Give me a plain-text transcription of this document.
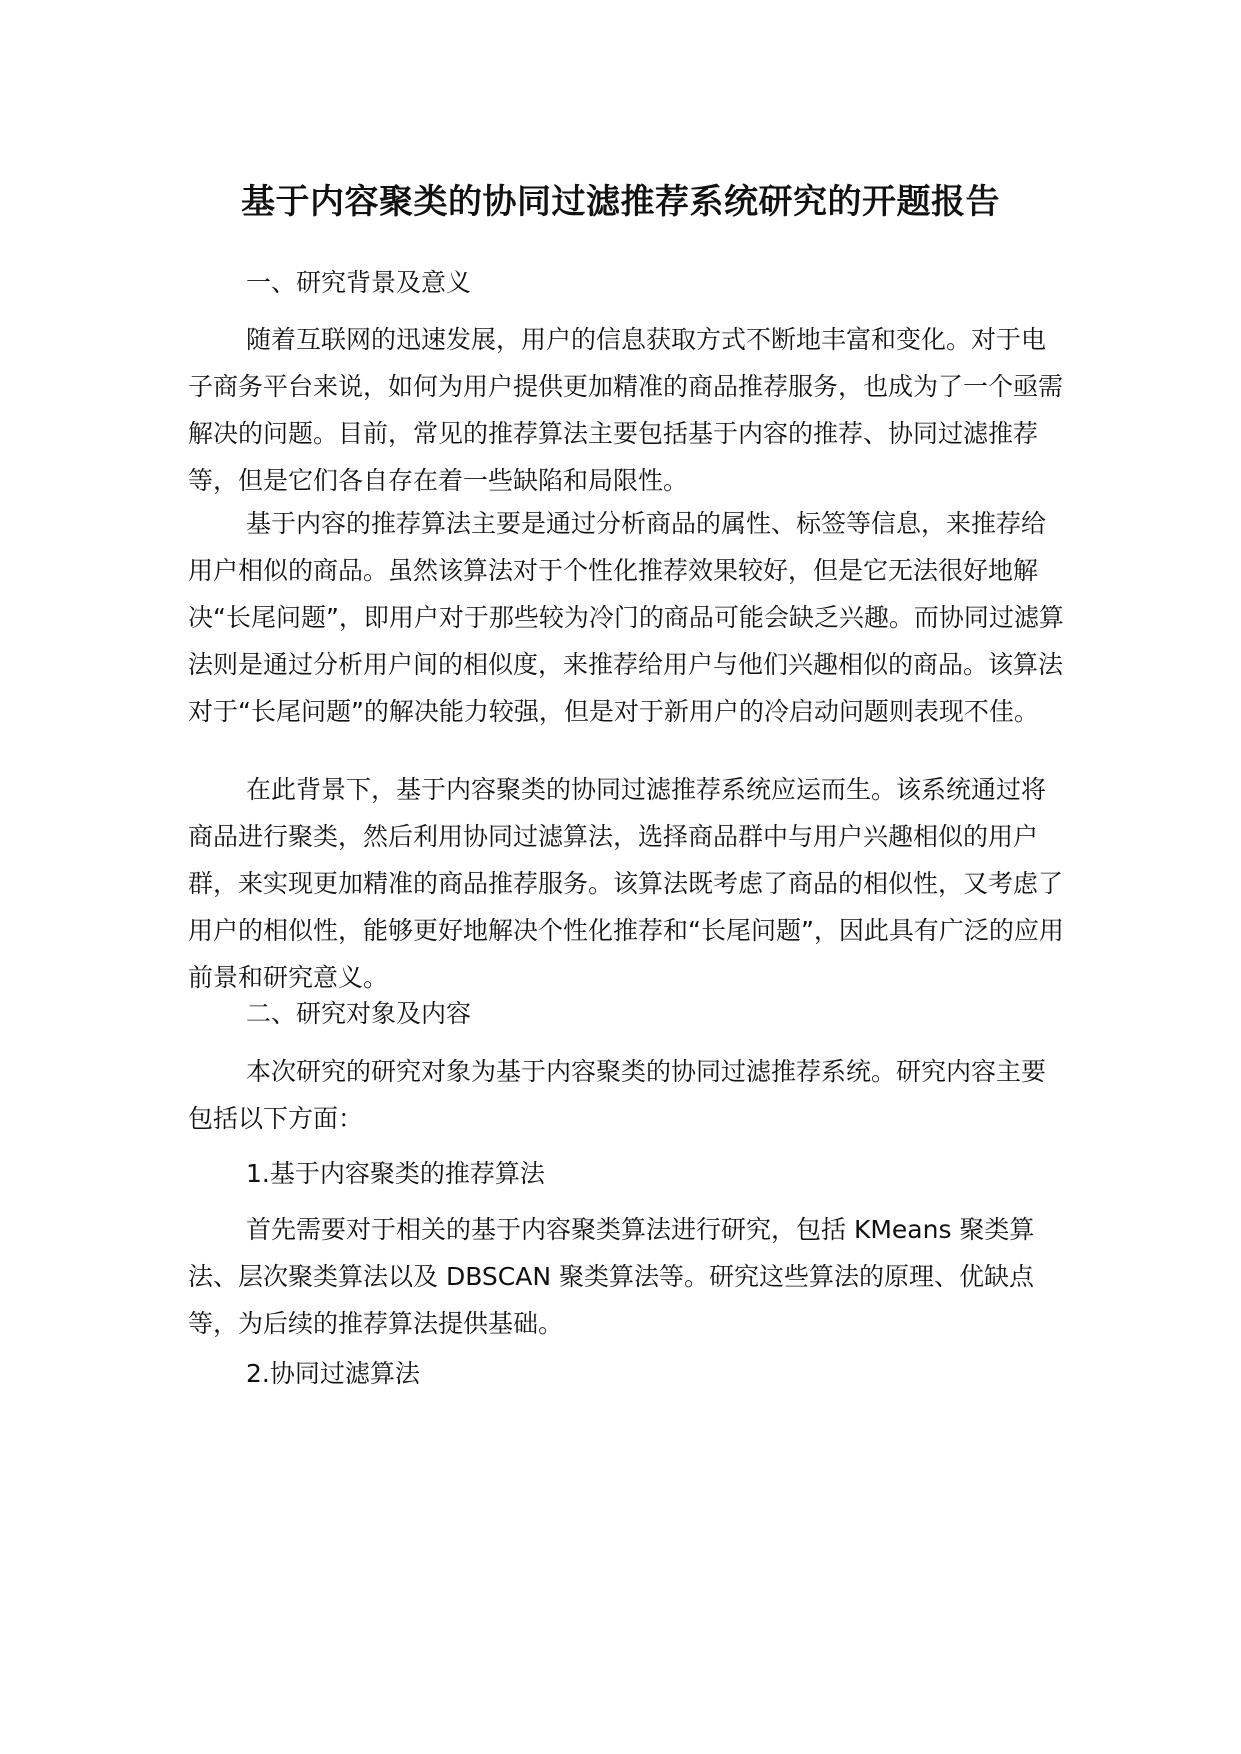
基于内容聚类的协同过滤推荐系统研究的开题报告

一、研究背景及意义

随着互联网的迅速发展，用户的信息获取方式不断地丰富和变化。对于电子商务平台来说，如何为用户提供更加精准的商品推荐服务，也成为了一个亟需解决的问题。目前，常见的推荐算法主要包括基于内容的推荐、协同过滤推荐等，但是它们各自存在着一些缺陷和局限性。

基于内容的推荐算法主要是通过分析商品的属性、标签等信息，来推荐给用户相似的商品。虽然该算法对于个性化推荐效果较好，但是它无法很好地解决“长尾问题”，即用户对于那些较为冷门的商品可能会缺乏兴趣。而协同过滤算法则是通过分析用户间的相似度，来推荐给用户与他们兴趣相似的商品。该算法对于“长尾问题”的解决能力较强，但是对于新用户的冷启动问题则表现不佳。

在此背景下，基于内容聚类的协同过滤推荐系统应运而生。该系统通过将商品进行聚类，然后利用协同过滤算法，选择商品群中与用户兴趣相似的用户群，来实现更加精准的商品推荐服务。该算法既考虑了商品的相似性，又考虑了用户的相似性，能够更好地解决个性化推荐和“长尾问题”，因此具有广泛的应用前景和研究意义。

二、研究对象及内容

本次研究的研究对象为基于内容聚类的协同过滤推荐系统。研究内容主要包括以下方面：

1.基于内容聚类的推荐算法

首先需要对于相关的基于内容聚类算法进行研究，包括 KMeans 聚类算法、层次聚类算法以及 DBSCAN 聚类算法等。研究这些算法的原理、优缺点等，为后续的推荐算法提供基础。

2.协同过滤算法
